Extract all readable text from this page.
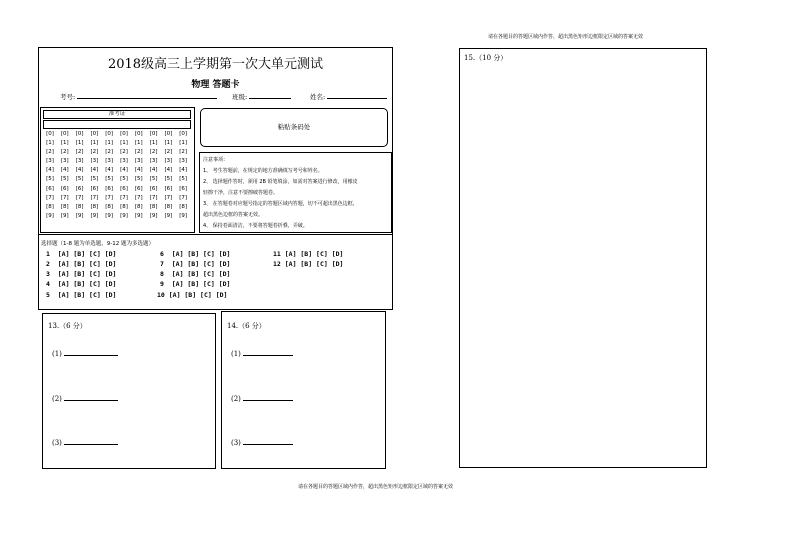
请在各题目的答题区域内作答，超出黑色矩形边框限定区域的答案无效
请在各题目的答题区域内作答，超出黑色矩形边框限定区域的答案无效
2018级高三上学期第一次大单元测试
物理 答题卡
考号:	班级:	姓名:
准考证
[0]
[1]
[2]
[3]
[4]
[5]
[6]
[7]
[8]
[9]
[0]
[1]
[2]
[3]
[4]
[5]
[6]
[7]
[8]
[9]
[0]
[1]
[2]
[3]
[4]
[5]
[6]
[7]
[8]
[9]
[0]
[1]
[2]
[3]
[4]
[5]
[6]
[7]
[8]
[9]
[0]
[1]
[2]
[3]
[4]
[5]
[6]
[7]
[8]
[9]
[0]
[1]
[2]
[3]
[4]
[5]
[6]
[7]
[8]
[9]
[0]
[1]
[2]
[3]
[4]
[5]
[6]
[7]
[8]
[9]
[0]
[1]
[2]
[3]
[4]
[5]
[6]
[7]
[8]
[9]
[0]
[1]
[2]
[3]
[4]
[5]
[6]
[7]
[8]
[9]
[0]
[1]
[2]
[3]
[4]
[5]
[6]
[7]
[8]
[9]
粘贴条码处

注意事项：

1、 考生答题前，在规定的地方准确填写考号和姓名。

2、 选择题作答时，须用 2B 铅笔填涂，如需对答案进行修改，用橡皮

轻擦干净，注意不要擦破答题卷。

3、 在答题卷对应题号指定的答题区域内答题，切不可超出黑色边框，

超出黑色边框的答案无效。

4、 保持卷面清洁，不要将答题卷折叠，弄破。

选择题（1-8 题为单选题，9-12 题为多选题）
1  [A] [B] [C] [D]
2  [A] [B] [C] [D]
3  [A] [B] [C] [D]
4  [A] [B] [C] [D]
5  [A] [B] [C] [D]
6  [A] [B] [C] [D]
7  [A] [B] [C] [D]
8  [A] [B] [C] [D]
9  [A] [B] [C] [D]
10 [A] [B] [C] [D]
11 [A] [B] [C] [D]
12 [A] [B] [C] [D]
13.（6 分）
(1)
(2)
(3)
14.（6 分）
(1)
(2)
(3)
15.（10 分）
